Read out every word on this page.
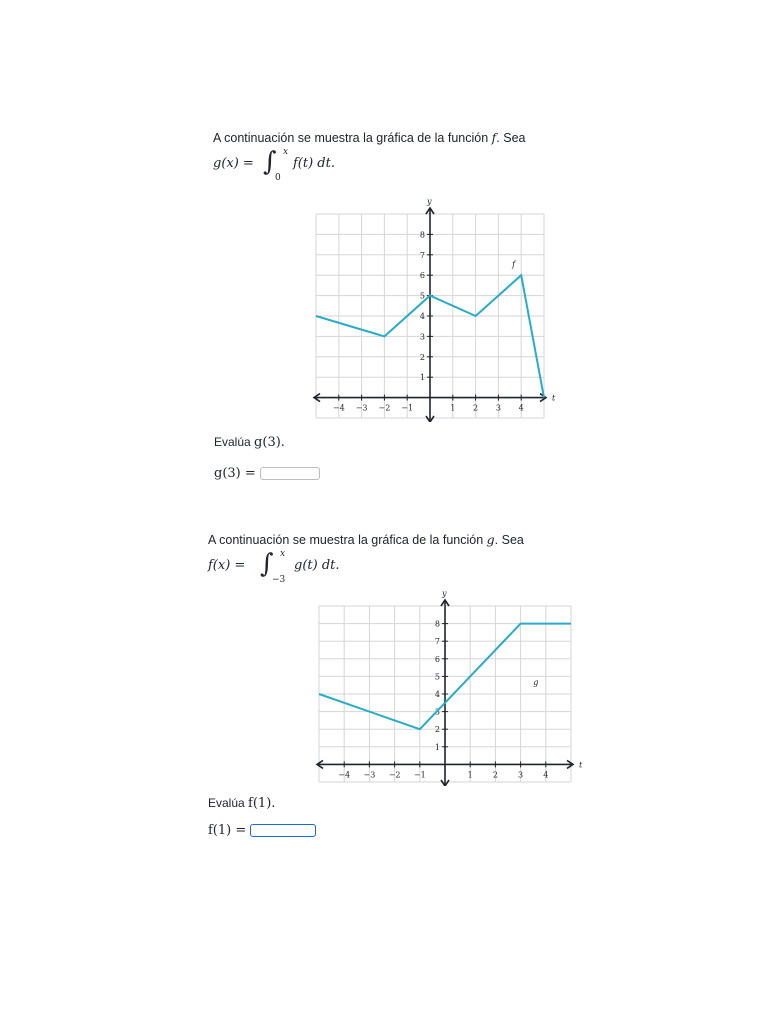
A continuación se muestra la gráfica de la función f. Sea

g(x) = ∫ x
0
f(t) dt.
−4 −3 −2 −1	1 2 3 4
1
2
3
4
5
6
7
8
t
y
f
Evalúa g(3).
g(3) =

A continuación se muestra la gráfica de la función g. Sea

f(x) = ∫ x
−3
g(t) dt.
−4 −3 −2 −1	1	2	3	4
1
2
3
4
5
6
7
8
t
y
g
Evalúa f(1).
f(1) =
